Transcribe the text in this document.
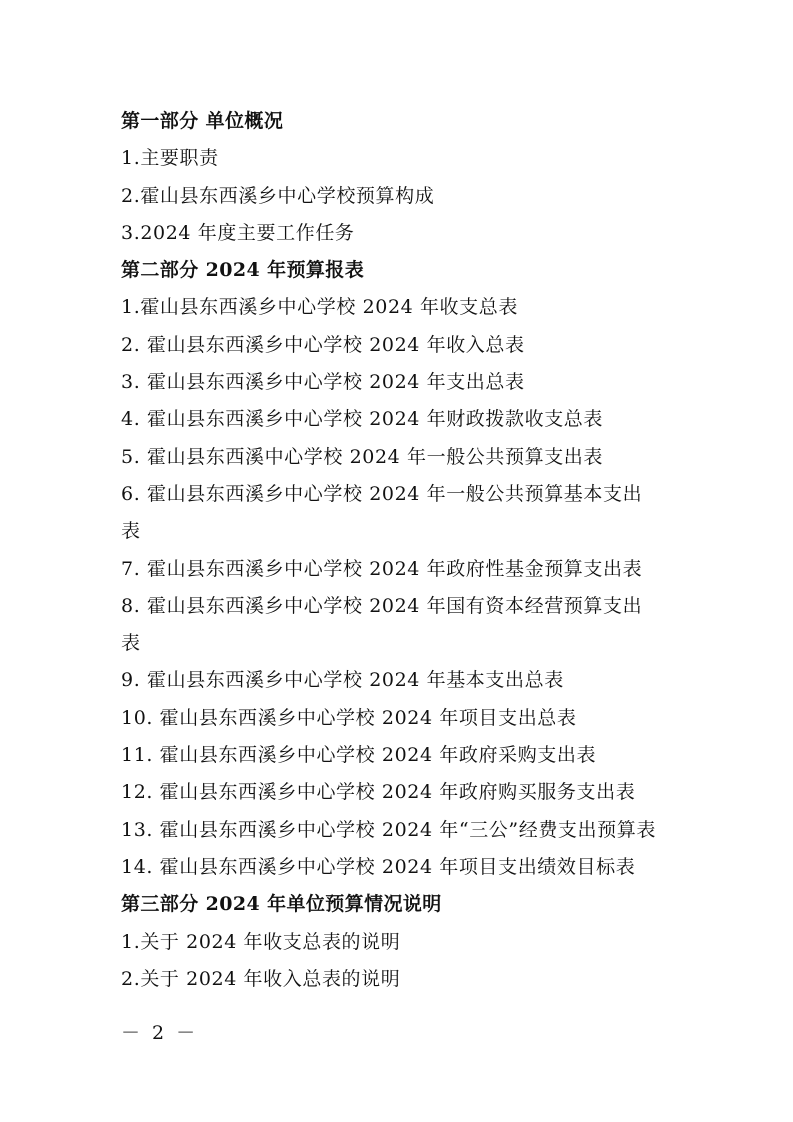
第一部分 单位概况
1.主要职责
2.霍山县东西溪乡中心学校预算构成
3.2024 年度主要工作任务
第二部分 2024 年预算报表
1.霍山县东西溪乡中心学校 2024 年收支总表
2. 霍山县东西溪乡中心学校 2024 年收入总表
3. 霍山县东西溪乡中心学校 2024 年支出总表
4. 霍山县东西溪乡中心学校 2024 年财政拨款收支总表
5. 霍山县东西溪中心学校 2024 年一般公共预算支出表
6. 霍山县东西溪乡中心学校 2024 年一般公共预算基本支出
表
7. 霍山县东西溪乡中心学校 2024 年政府性基金预算支出表
8. 霍山县东西溪乡中心学校 2024 年国有资本经营预算支出
表
9. 霍山县东西溪乡中心学校 2024 年基本支出总表
10. 霍山县东西溪乡中心学校 2024 年项目支出总表
11. 霍山县东西溪乡中心学校 2024 年政府采购支出表
12. 霍山县东西溪乡中心学校 2024 年政府购买服务支出表
13. 霍山县东西溪乡中心学校 2024 年“三公”经费支出预算表
14. 霍山县东西溪乡中心学校 2024 年项目支出绩效目标表
第三部分 2024 年单位预算情况说明
1.关于 2024 年收支总表的说明
2.关于 2024 年收入总表的说明
－ 2 －
